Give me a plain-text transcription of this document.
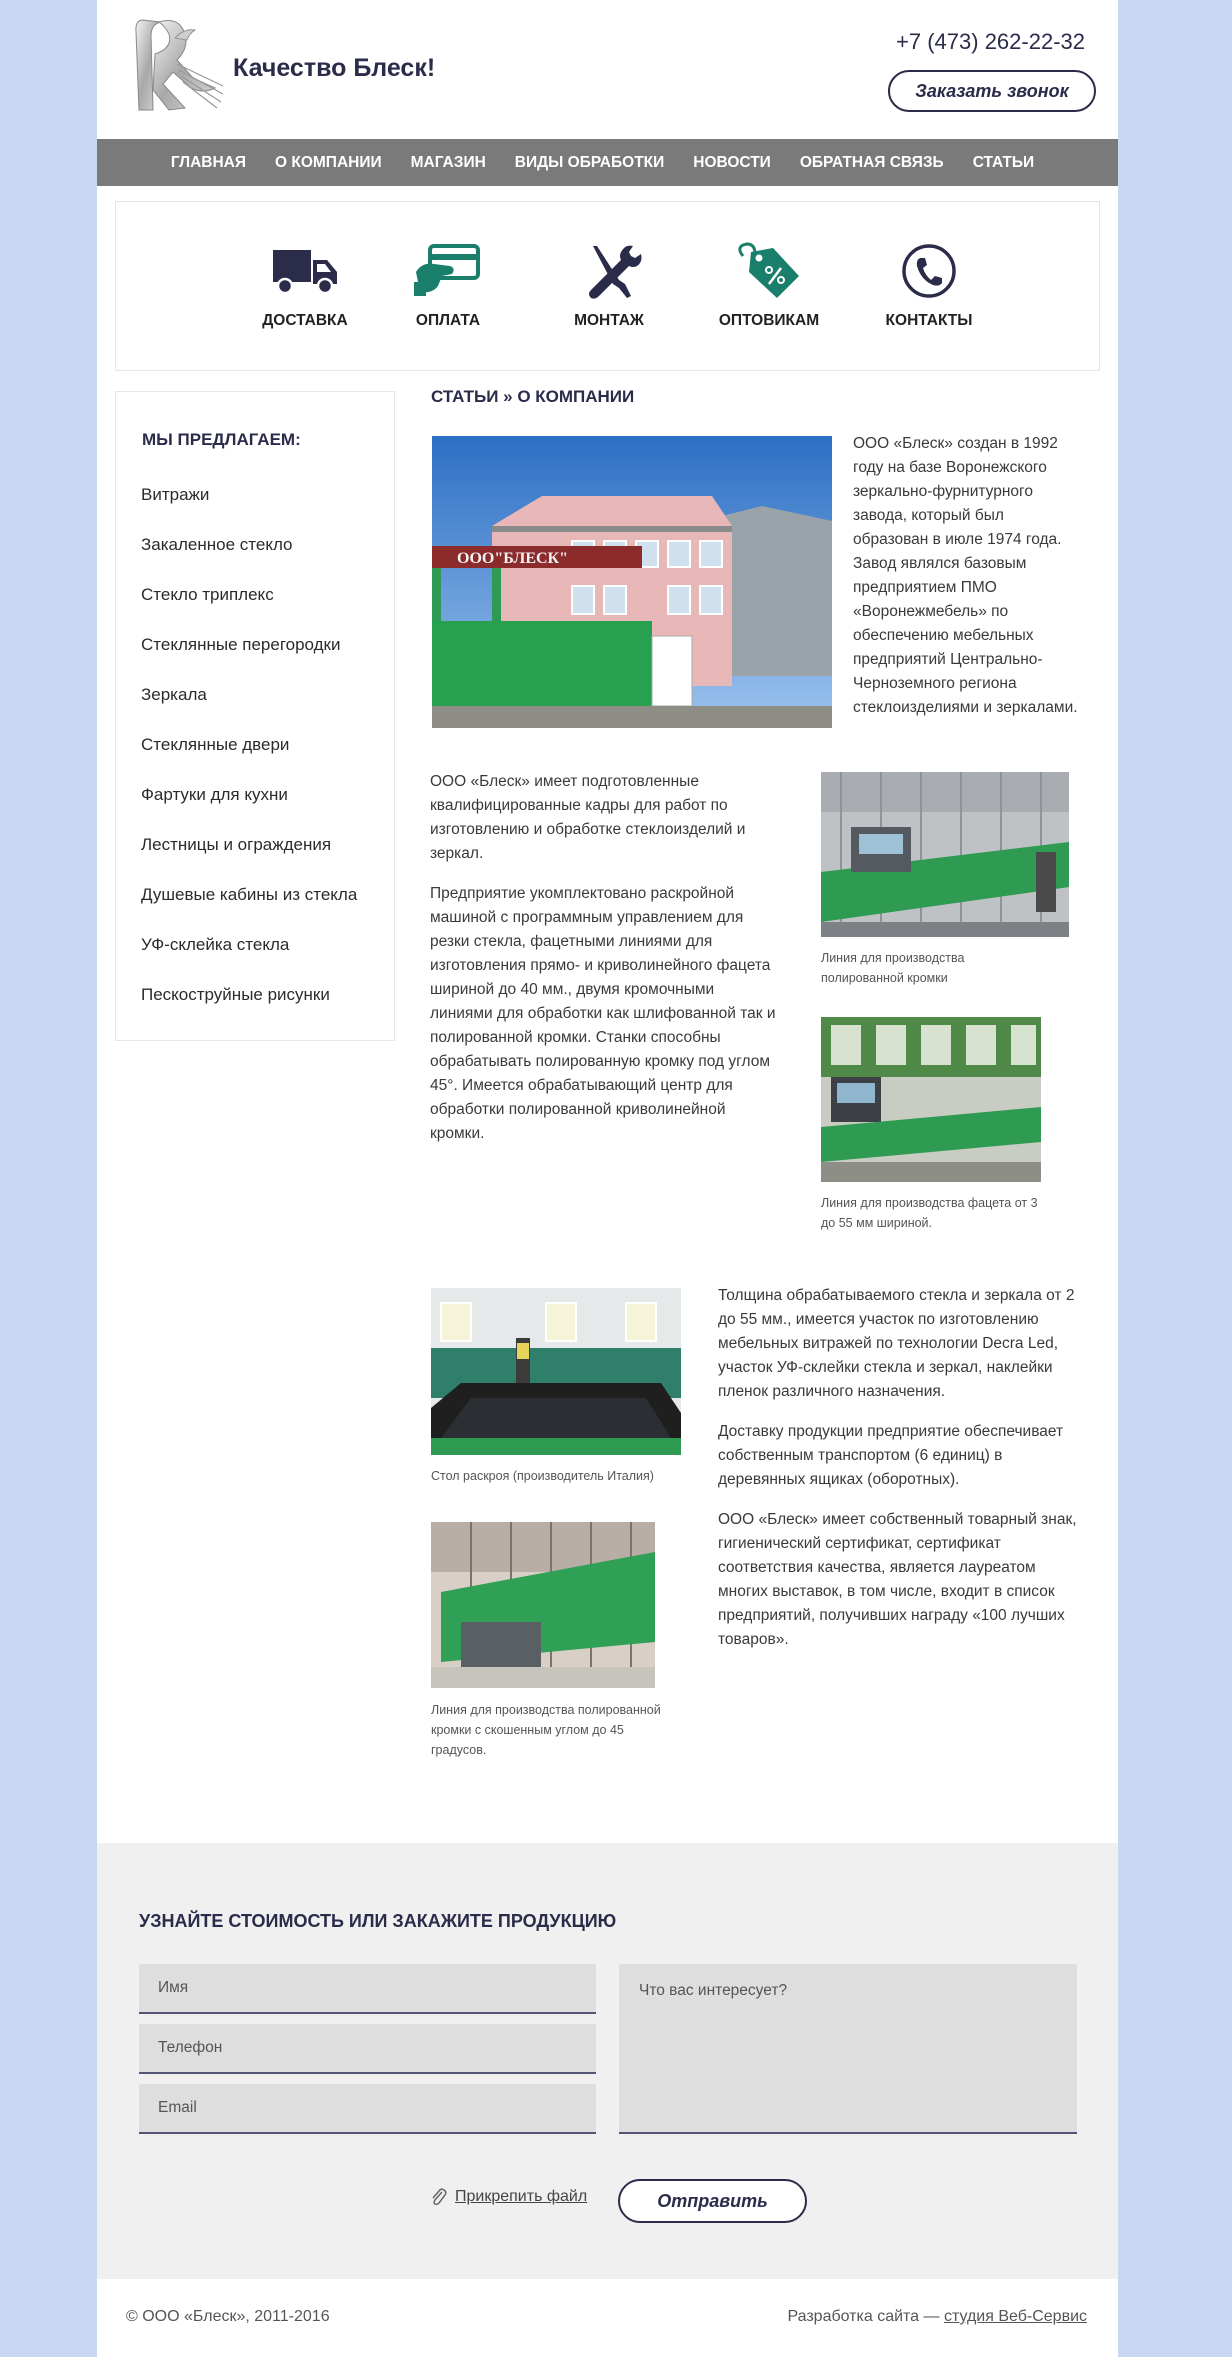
Качество Блеск!
+7 (473) 262-22-32
Заказать звонок
ГЛАВНАЯ О КОМПАНИИ МАГАЗИН ВИДЫ ОБРАБОТКИ НОВОСТИ ОБРАТНАЯ СВЯЗЬ СТАТЬИ
ДОСТАВКА	ОПЛАТА	МОНТАЖ	ОПТОВИКАМ	КОНТАКТЫ
МЫ ПРЕДЛАГАЕМ:
Витражи
Закаленное стекло
Стекло триплекс
Стеклянные перегородки
Зеркала
Стеклянные двери
Фартуки для кухни
Лестницы и ограждения
Душевые кабины из стекла
УФ-склейка стекла
Пескоструйные рисунки
СТАТЬИ » О КОМПАНИИ
ООО"БЛЕСК"
ООО «Блеск» создан в 1992 году на базе Воронежского зеркально-фурнитурного завода, который был образован в июле 1974 года. Завод являлся базовым предприятием ПМО «Воронежмебель» по обеспечению мебельных предприятий Центрально-Черноземного региона стеклоизделиями и зеркалами.
ООО «Блеск» имеет подготовленные квалифицированные кадры для работ по изготовлению и обработке стеклоизделий и зеркал.
Предприятие укомплектовано раскройной машиной с программным управлением для резки стекла, фацетными линиями для изготовления прямо- и криволинейного фацета шириной до 40 мм., двумя кромочными линиями для обработки как шлифованной так и полированной кромки. Станки способны обрабатывать полированную кромку под углом 45°. Имеется обрабатывающий центр для обработки полированной криволинейной кромки.
Линия для производства полированной кромки
Линия для производства фацета от 3 до 55 мм шириной.
Стол раскроя (производитель Италия)
Линия для производства полированной кромки с скошенным углом до 45 градусов.
Толщина обрабатываемого стекла и зеркала от 2 до 55 мм., имеется участок по изготовлению мебельных витражей по технологии Decra Led, участок УФ-склейки стекла и зеркал, наклейки пленок различного назначения.
Доставку продукции предприятие обеспечивает собственным транспортом (6 единиц) в деревянных ящиках (оборотных).
ООО «Блеск» имеет собственный товарный знак, гигиенический сертификат, сертификат соответствия качества, является лауреатом многих выставок, в том числе, входит в список предприятий, получивших награду «100 лучших товаров».
УЗНАЙТЕ СТОИМОСТЬ ИЛИ ЗАКАЖИТЕ ПРОДУКЦИЮ
Имя
Телефон
Email
Что вас интересует?
Прикрепить файл	Отправить
© ООО «Блеск», 2011-2016	Разработка сайта — студия Веб-Сервис
